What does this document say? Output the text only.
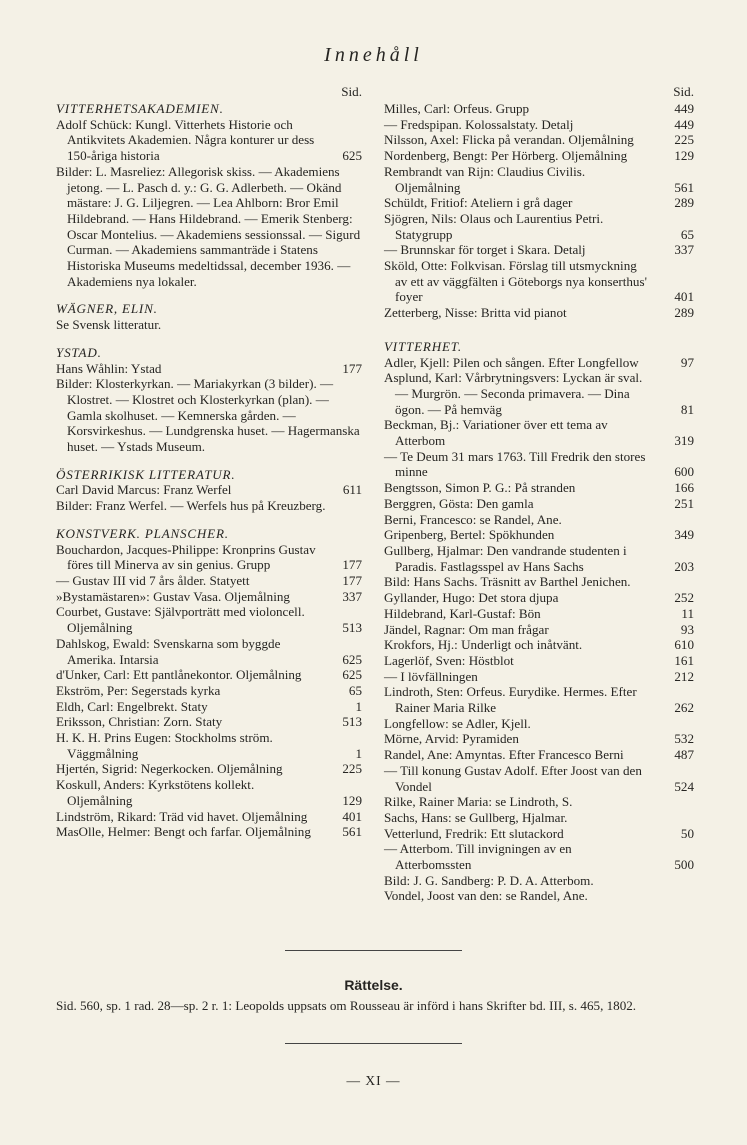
Innehåll
Sid.
VITTERHETSAKADEMIEN.
Adolf Schück: Kungl. Vitterhets Historie och Antikvitets Akademien. Några konturer ur dess 150-åriga historia	625
Bilder: L. Masreliez: Allegorisk skiss. — Akademiens jetong. — L. Pasch d. y.: G. G. Adlerbeth. — Okänd mästare: J. G. Liljegren. — Lea Ahlborn: Bror Emil Hildebrand. — Hans Hildebrand. — Emerik Stenberg: Oscar Montelius. — Akademiens sessionssal. — Sigurd Curman. — Akademiens sammanträde i Statens Historiska Museums medeltidssal, december 1936. — Akademiens nya lokaler.
WÄGNER, ELIN.
Se Svensk litteratur.
YSTAD.
Hans Wåhlin: Ystad	177
Bilder: Klosterkyrkan. — Mariakyrkan (3 bilder). — Klostret. — Klostret och Klosterkyrkan (plan). — Gamla skolhuset. — Kemnerska gården. — Korsvirkeshus. — Lundgrenska huset. — Hagermanska huset. — Ystads Museum.
ÖSTERRIKISK LITTERATUR.
Carl David Marcus: Franz Werfel	611
Bilder: Franz Werfel. — Werfels hus på Kreuzberg.
KONSTVERK. PLANSCHER.
Bouchardon, Jacques-Philippe: Kronprins Gustav föres till Minerva av sin genius. Grupp	177
— Gustav III vid 7 års ålder. Statyett	177
»Bystamästaren»: Gustav Vasa. Oljemålning	337
Courbet, Gustave: Självporträtt med violoncell. Oljemålning	513
Dahlskog, Ewald: Svenskarna som byggde Amerika. Intarsia	625
d'Unker, Carl: Ett pantlånekontor. Oljemålning	625
Ekström, Per: Segerstads kyrka	65
Eldh, Carl: Engelbrekt. Staty	1
Eriksson, Christian: Zorn. Staty	513
H. K. H. Prins Eugen: Stockholms ström. Väggmålning	1
Hjertén, Sigrid: Negerkocken. Oljemålning	225
Koskull, Anders: Kyrkstötens kollekt. Oljemålning	129
Lindström, Rikard: Träd vid havet. Oljemålning	401
MasOlle, Helmer: Bengt och farfar. Oljemålning	561
Sid.
Milles, Carl: Orfeus. Grupp	449
— Fredspipan. Kolossalstaty. Detalj	449
Nilsson, Axel: Flicka på verandan. Oljemålning	225
Nordenberg, Bengt: Per Hörberg. Oljemålning	129
Rembrandt van Rijn: Claudius Civilis. Oljemålning	561
Schüldt, Fritiof: Ateliern i grå dager	289
Sjögren, Nils: Olaus och Laurentius Petri. Statygrupp	65
— Brunnskar för torget i Skara. Detalj	337
Sköld, Otte: Folkvisan. Förslag till utsmyckning av ett av väggfälten i Göteborgs nya konserthus' foyer	401
Zetterberg, Nisse: Britta vid pianot	289
VITTERHET.
Adler, Kjell: Pilen och sången. Efter Longfellow	97
Asplund, Karl: Vårbrytningsvers: Lyckan är sval. — Murgrön. — Seconda primavera. — Dina ögon. — På hemväg	81
Beckman, Bj.: Variationer över ett tema av Atterbom	319
— Te Deum 31 mars 1763. Till Fredrik den stores minne	600
Bengtsson, Simon P. G.: På stranden	166
Berggren, Gösta: Den gamla	251
Berni, Francesco: se Randel, Ane.
Gripenberg, Bertel: Spökhunden	349
Gullberg, Hjalmar: Den vandrande studenten i Paradis. Fastlagsspel av Hans Sachs	203
Bild: Hans Sachs. Träsnitt av Barthel Jenichen.
Gyllander, Hugo: Det stora djupa	252
Hildebrand, Karl-Gustaf: Bön	11
Jändel, Ragnar: Om man frågar	93
Krokfors, Hj.: Underligt och inåtvänt.	610
Lagerlöf, Sven: Höstblot	161
— I lövfällningen	212
Lindroth, Sten: Orfeus. Eurydike. Hermes. Efter Rainer Maria Rilke	262
Longfellow: se Adler, Kjell.
Mörne, Arvid: Pyramiden	532
Randel, Ane: Amyntas. Efter Francesco Berni	487
— Till konung Gustav Adolf. Efter Joost van den Vondel	524
Rilke, Rainer Maria: se Lindroth, S.
Sachs, Hans: se Gullberg, Hjalmar.
Vetterlund, Fredrik: Ett slutackord	50
— Atterbom. Till invigningen av en Atterbomssten	500
Bild: J. G. Sandberg: P. D. A. Atterbom.
Vondel, Joost van den: se Randel, Ane.
Rättelse.
Sid. 560, sp. 1 rad. 28—sp. 2 r. 1: Leopolds uppsats om Rousseau är införd i hans Skrifter bd. III, s. 465, 1802.
— XI —
